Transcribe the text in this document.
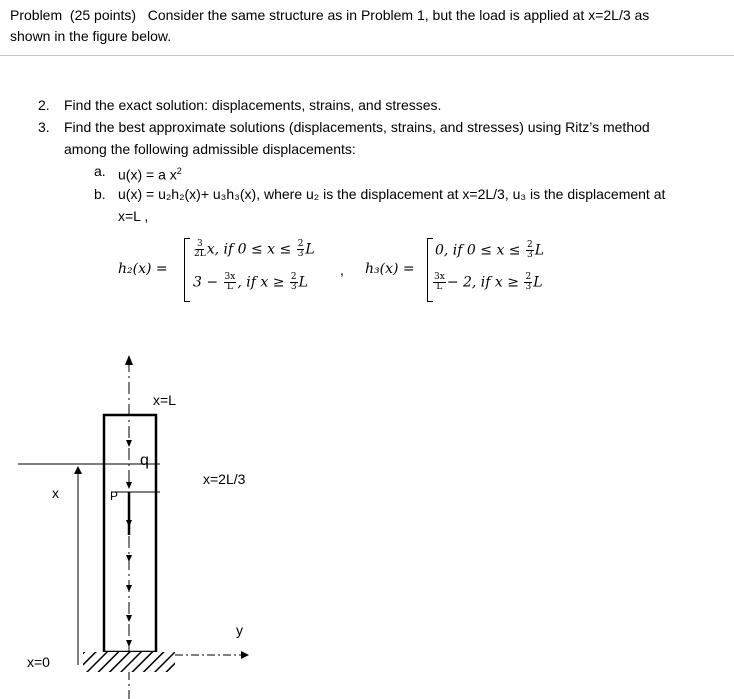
Problem (25 points) Consider the same structure as in Problem 1, but the load is applied at x=2L/3 as
shown in the figure below.
2. Find the exact solution: displacements, strains, and stresses.
3. Find the best approximate solutions (displacements, strains, and stresses) using Ritz’s method
among the following admissible displacements:
a. u(x) = a $x^2$
b. u(x) = u₂h₂(x)+ u₃h₃(x), where u₂ is the displacement at x=2L/3, u₃ is the displacement at
x=L ,
h₂(x) =
$\frac{3}{2L} x$, if $0 \le x \le \frac{2}{3}$ L
$3 - \frac{3x}{L}$ , if $x \ge \frac{2}{3}$ L
, h₃(x) =
0, if $0 \le x \le \frac{2}{3}$ L
$\frac{3x}{L} - 2$, if $x \ge \frac{2}{3}$ L
x=L
q
x=2L/3
x	P
y
x=0
